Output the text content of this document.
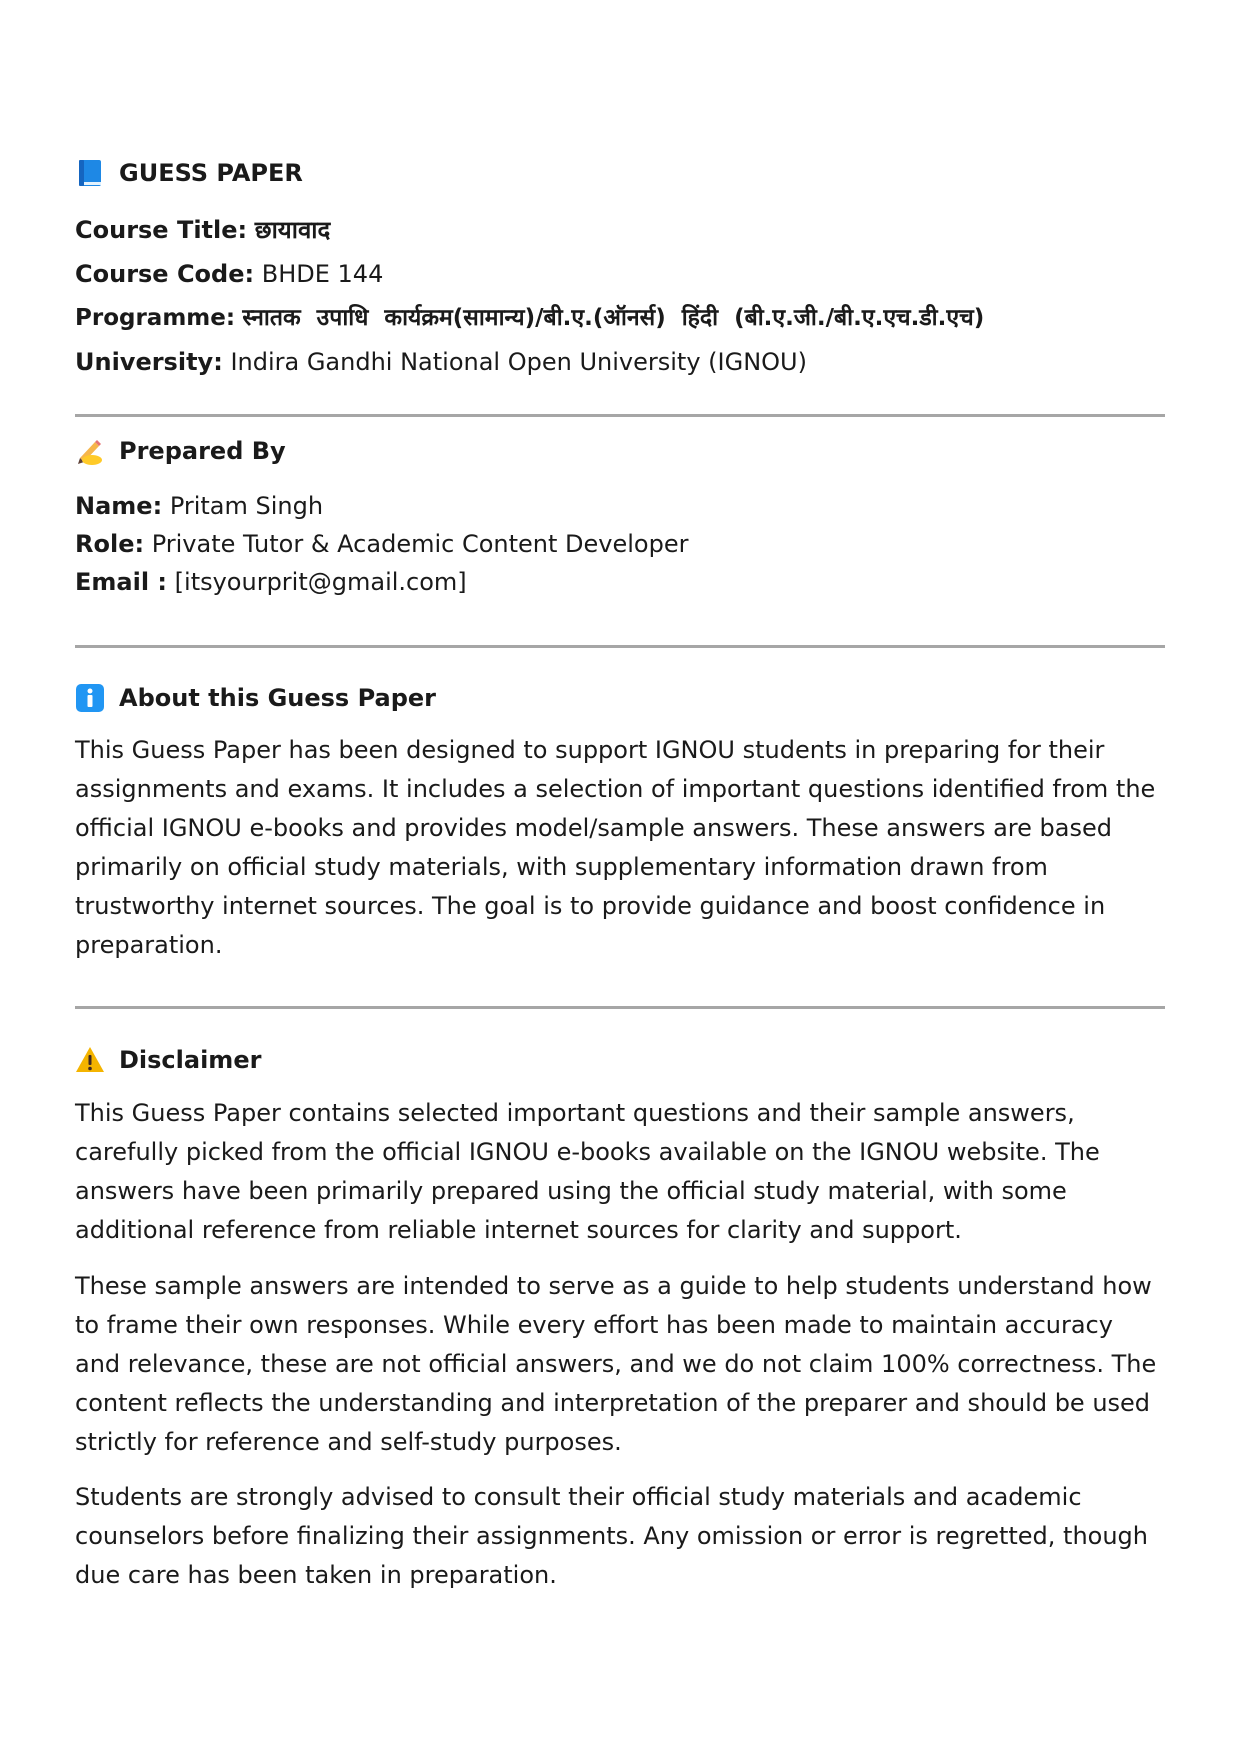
GUESS PAPER
Course Title: छायावाद
Course Code: BHDE 144
Programme: स्नातक  उपाधि  कार्यक्रम(सामान्य)/बी.ए.(ऑनर्स)  हिंदी  (बी.ए.जी./बी.ए.एच.डी.एच)
University: Indira Gandhi National Open University (IGNOU)
Prepared By
Name: Pritam Singh
Role: Private Tutor & Academic Content Developer
Email : [itsyourprit@gmail.com]
About this Guess Paper

This Guess Paper has been designed to support IGNOU students in preparing for their assignments and exams. It includes a selection of important questions identified from the official IGNOU e-books and provides model/sample answers. These answers are based primarily on official study materials, with supplementary information drawn from trustworthy internet sources. The goal is to provide guidance and boost confidence in preparation.

Disclaimer

This Guess Paper contains selected important questions and their sample answers, carefully picked from the official IGNOU e-books available on the IGNOU website. The answers have been primarily prepared using the official study material, with some additional reference from reliable internet sources for clarity and support.

These sample answers are intended to serve as a guide to help students understand how to frame their own responses. While every effort has been made to maintain accuracy and relevance, these are not official answers, and we do not claim 100% correctness. The content reflects the understanding and interpretation of the preparer and should be used strictly for reference and self-study purposes.

Students are strongly advised to consult their official study materials and academic counselors before finalizing their assignments. Any omission or error is regretted, though due care has been taken in preparation.
